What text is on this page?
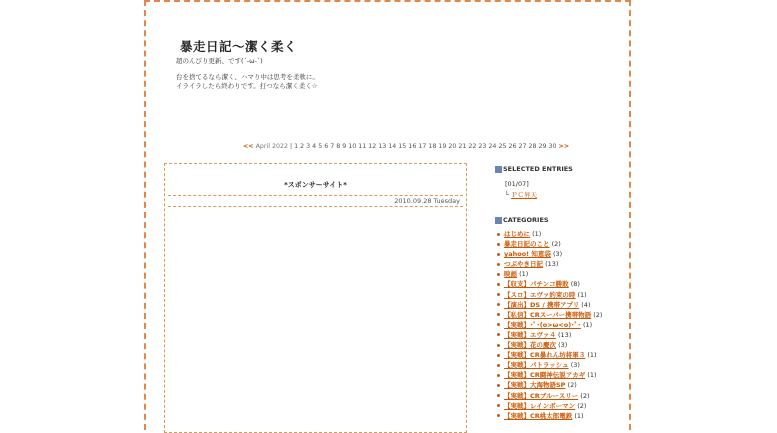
暴走日記～潔く柔く
超のんびり更新、です(´-ω-`)
台を捨てるなら潔く、ハマり中は思考を柔軟に。
イライラしたら終わりです。打つなら潔く柔く☆
<< April 2022 | 1 2 3 4 5 6 7 8 9 10 11 12 13 14 15 16 17 18 19 20 21 22 23 24 25 26 27 28 29 30 >>
*スポンサーサイト*
2010.09.28 Tuesday
SELECTED ENTRIES
[01/07]
└ ＰＣ昇天
CATEGORIES
はじめに (1)
暴走日記のこと (2)
yahoo! 知恵袋 (3)
つぶやき日記 (13)
映画 (1)
【収支】パチンコ勝敗 (8)
【スロ】エヴァ約束の時 (1)
【演出】DS / 携帯アプリ (4)
【私信】CRスーパー携帯物語 (2)
【実戦】･ﾟ･(o>ω<o)･ﾟ･ (1)
【実戦】エヴァ４ (13)
【実戦】花の慶次 (3)
【実戦】CR暴れん坊将軍３ (1)
【実戦】パトラッシュ (3)
【実戦】CR闘神伝説アカギ (1)
【実戦】大海物語SP (2)
【実戦】CRブルースリー (2)
【実戦】レインボーマン (2)
【実戦】CR桃太郎電鉄 (1)
